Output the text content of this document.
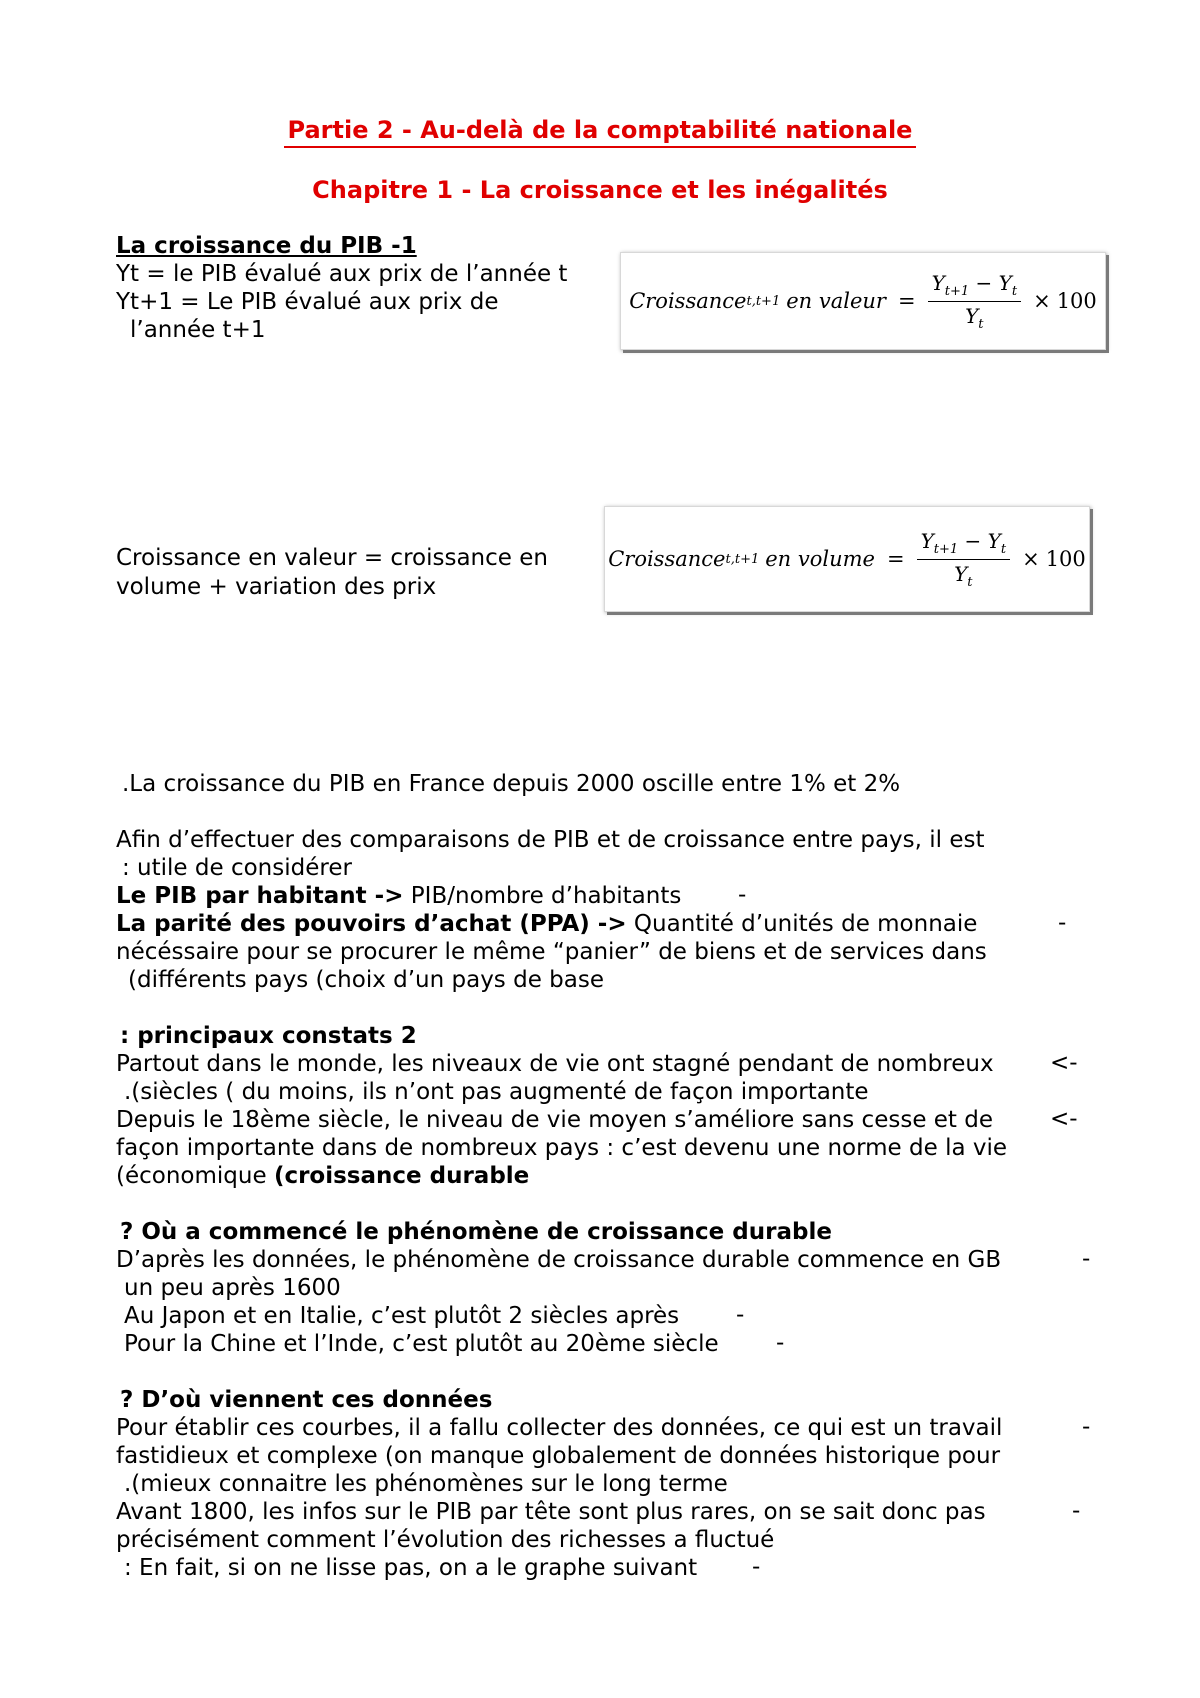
Partie 2 - Au-delà de la comptabilité nationale
Chapitre 1 - La croissance et les inégalités
La croissance du PIB -1
Yt = le PIB évalué aux prix de l’année t
Yt+1 = Le PIB évalué aux prix de
l’année t+1
Croissance t,t+1 en valeur = $\frac{Y_{t+1} - Y_t}{Y_t} \times 100$
Croissance t,t+1 en volume = $\frac{Y_{t+1} - Y_t}{Y_t} \times 100$
Croissance en valeur = croissance en
volume + variation des prix
.La croissance du PIB en France depuis 2000 oscille entre 1% et 2%
Afin d’effectuer des comparaisons de PIB et de croissance entre pays, il est
: utile de considérer
Le PIB par habitant -> PIB/nombre d’habitants -
La parité des pouvoirs d’achat (PPA) -> Quantité d’unités de monnaie	-
nécéssaire pour se procurer le même “panier” de biens et de services dans
(différents pays (choix d’un pays de base
: principaux constats 2
Partout dans le monde, les niveaux de vie ont stagné pendant de nombreux <-
.(siècles ( du moins, ils n’ont pas augmenté de façon importante
Depuis le 18ème siècle, le niveau de vie moyen s’améliore sans cesse et de <-
façon importante dans de nombreux pays : c’est devenu une norme de la vie
(économique (croissance durable
? Où a commencé le phénomène de croissance durable
D’après les données, le phénomène de croissance durable commence en GB	-
un peu après 1600
Au Japon et en Italie, c’est plutôt 2 siècles après -
Pour la Chine et l’Inde, c’est plutôt au 20ème siècle -
? D’où viennent ces données
Pour établir ces courbes, il a fallu collecter des données, ce qui est un travail	-
fastidieux et complexe (on manque globalement de données historique pour
.(mieux connaitre les phénomènes sur le long terme
Avant 1800, les infos sur le PIB par tête sont plus rares, on se sait donc pas	-
précisément comment l’évolution des richesses a fluctué
: En fait, si on ne lisse pas, on a le graphe suivant -
